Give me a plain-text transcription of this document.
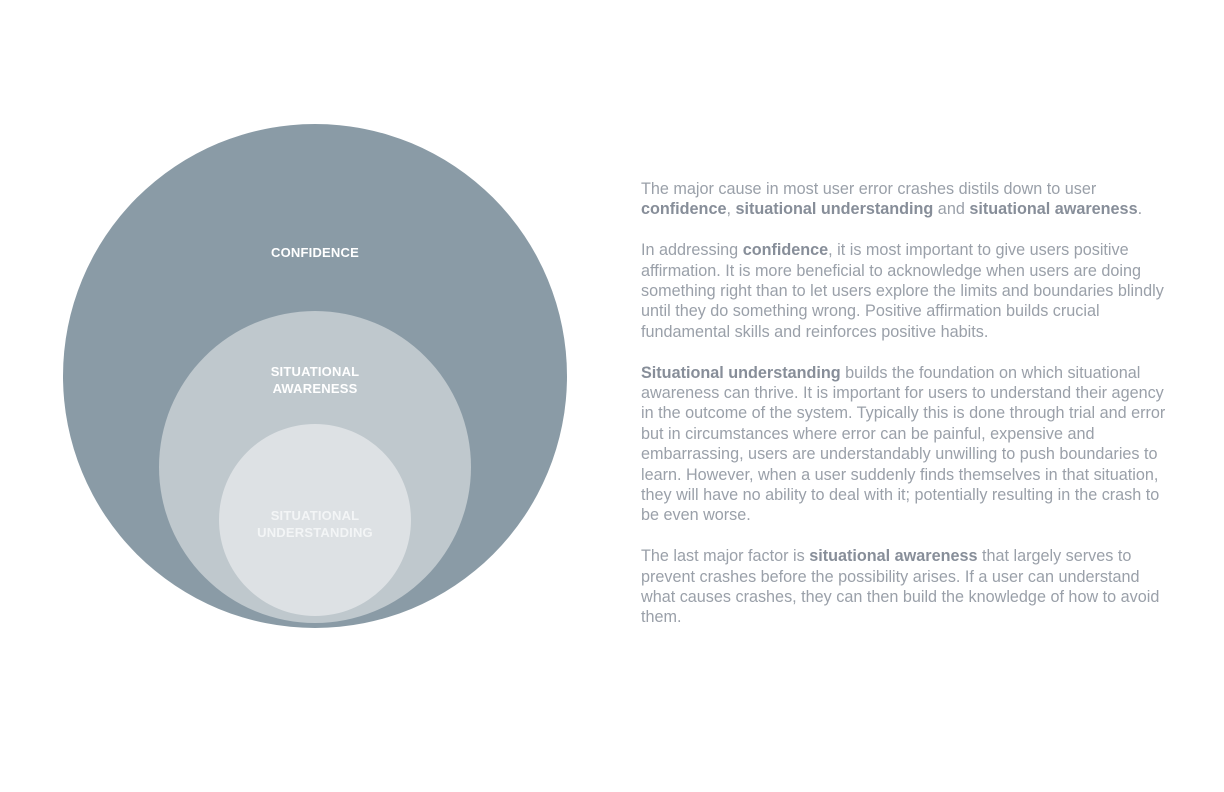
CONFIDENCE
SITUATIONAL
AWARENESS
SITUATIONAL
UNDERSTANDING

The major cause in most user error crashes distils down to user confidence, situational understanding and situational awareness.

In addressing confidence, it is most important to give users positive affirmation. It is more beneficial to acknowledge when users are doing something right than to let users explore the limits and boundaries blindly until they do something wrong. Positive affirmation builds crucial fundamental skills and reinforces positive habits.

Situational understanding builds the foundation on which situational awareness can thrive. It is important for users to understand their agency in the outcome of the system. Typically this is done through trial and error but in circumstances where error can be painful, expensive and embarrassing, users are understandably unwilling to push boundaries to learn. However, when a user suddenly finds themselves in that situation, they will have no ability to deal with it; potentially resulting in the crash to be even worse.

The last major factor is situational awareness that largely serves to prevent crashes before the possibility arises. If a user can understand what causes crashes, they can then build the knowledge of how to avoid them.
